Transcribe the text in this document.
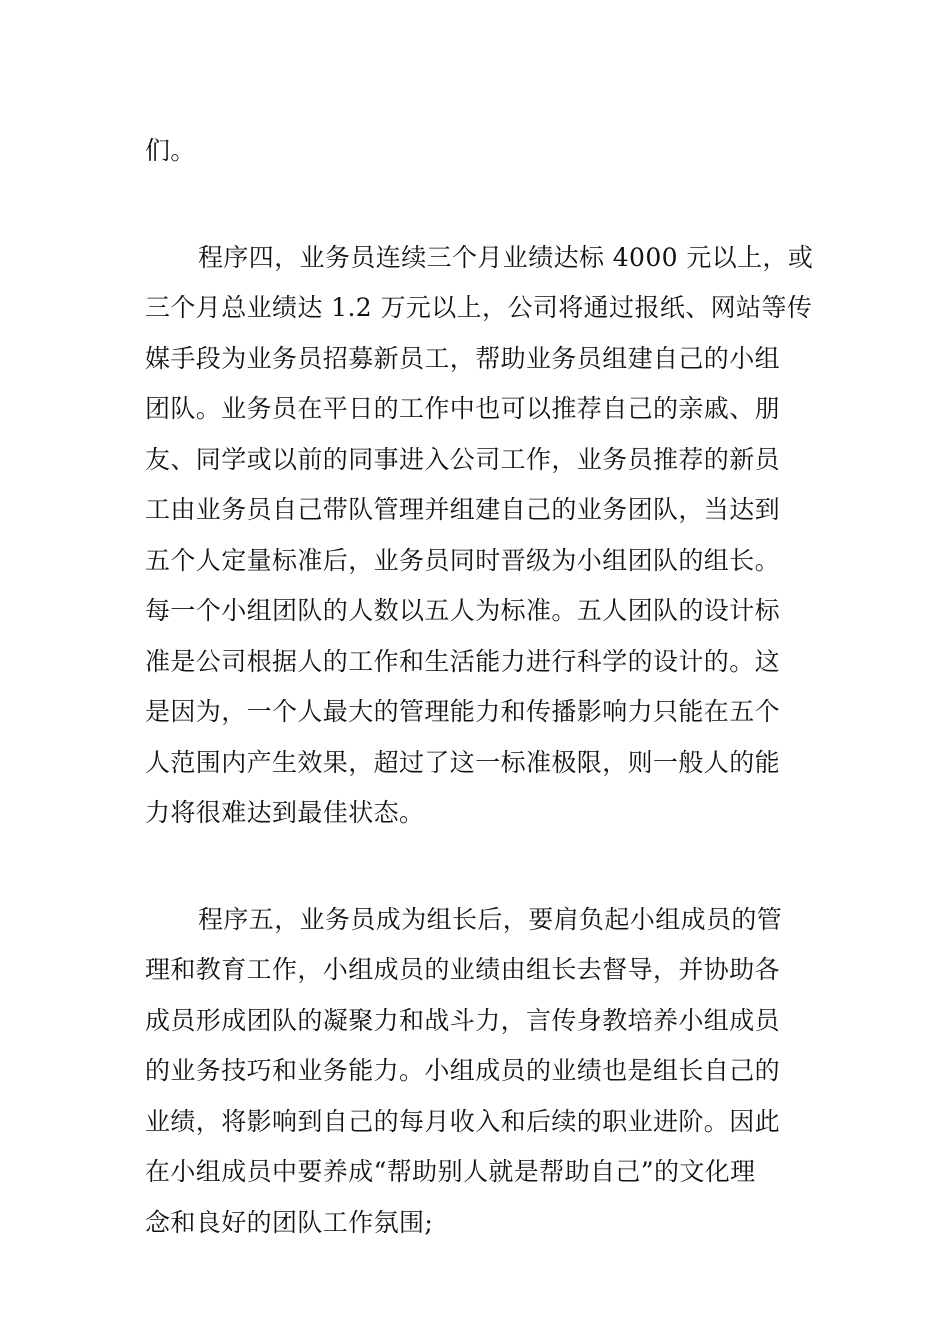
们。
程序四，业务员连续三个月业绩达标 4000 元以上，或
三个月总业绩达 1.2 万元以上，公司将通过报纸、网站等传
媒手段为业务员招募新员工，帮助业务员组建自己的小组
团队。业务员在平日的工作中也可以推荐自己的亲戚、朋
友、同学或以前的同事进入公司工作，业务员推荐的新员
工由业务员自己带队管理并组建自己的业务团队，当达到
五个人定量标准后，业务员同时晋级为小组团队的组长。
每一个小组团队的人数以五人为标准。五人团队的设计标
准是公司根据人的工作和生活能力进行科学的设计的。这
是因为，一个人最大的管理能力和传播影响力只能在五个
人范围内产生效果，超过了这一标准极限，则一般人的能
力将很难达到最佳状态。
程序五，业务员成为组长后，要肩负起小组成员的管
理和教育工作，小组成员的业绩由组长去督导，并协助各
成员形成团队的凝聚力和战斗力，言传身教培养小组成员
的业务技巧和业务能力。小组成员的业绩也是组长自己的
业绩，将影响到自己的每月收入和后续的职业进阶。因此
在小组成员中要养成“帮助别人就是帮助自己”的文化理
念和良好的团队工作氛围;
